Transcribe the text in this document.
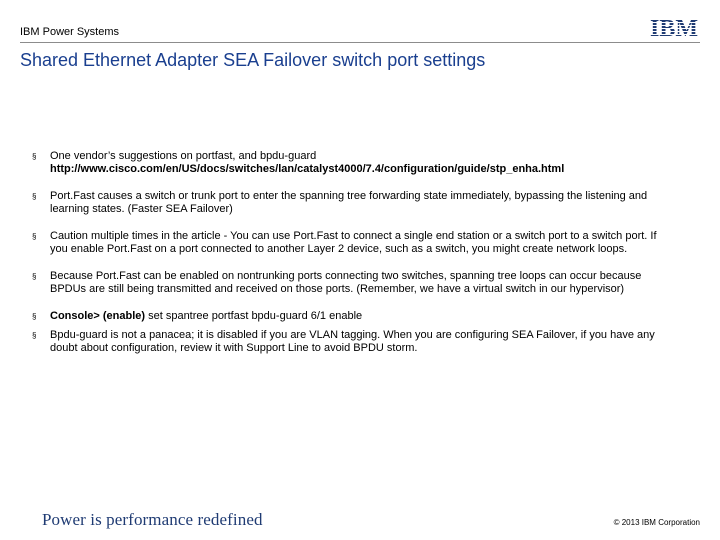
IBM Power Systems	IBM
Shared Ethernet Adapter SEA Failover switch port settings
§ One vendor’s suggestions on portfast, and bpdu-guard
http://www.cisco.com/en/US/docs/switches/lan/catalyst4000/7.4/configuration/guide/stp_enha.html
§ Port.Fast causes a switch or trunk port to enter the spanning tree forwarding state immediately, bypassing the listening and learning states. (Faster SEA Failover)
§ Caution multiple times in the article - You can use Port.Fast to connect a single end station or a switch port to a switch port. If you enable Port.Fast on a port connected to another Layer 2 device, such as a switch, you might create network loops.
§ Because Port.Fast can be enabled on nontrunking ports connecting two switches, spanning tree loops can occur because BPDUs are still being transmitted and received on those ports. (Remember, we have a virtual switch in our hypervisor)
§ Console> (enable) set spantree portfast bpdu-guard 6/1 enable
§ Bpdu-guard is not a panacea; it is disabled if you are VLAN tagging. When you are configuring SEA Failover, if you have any doubt about configuration, review it with Support Line to avoid BPDU storm.
Power is performance redefined	© 2013 IBM Corporation
